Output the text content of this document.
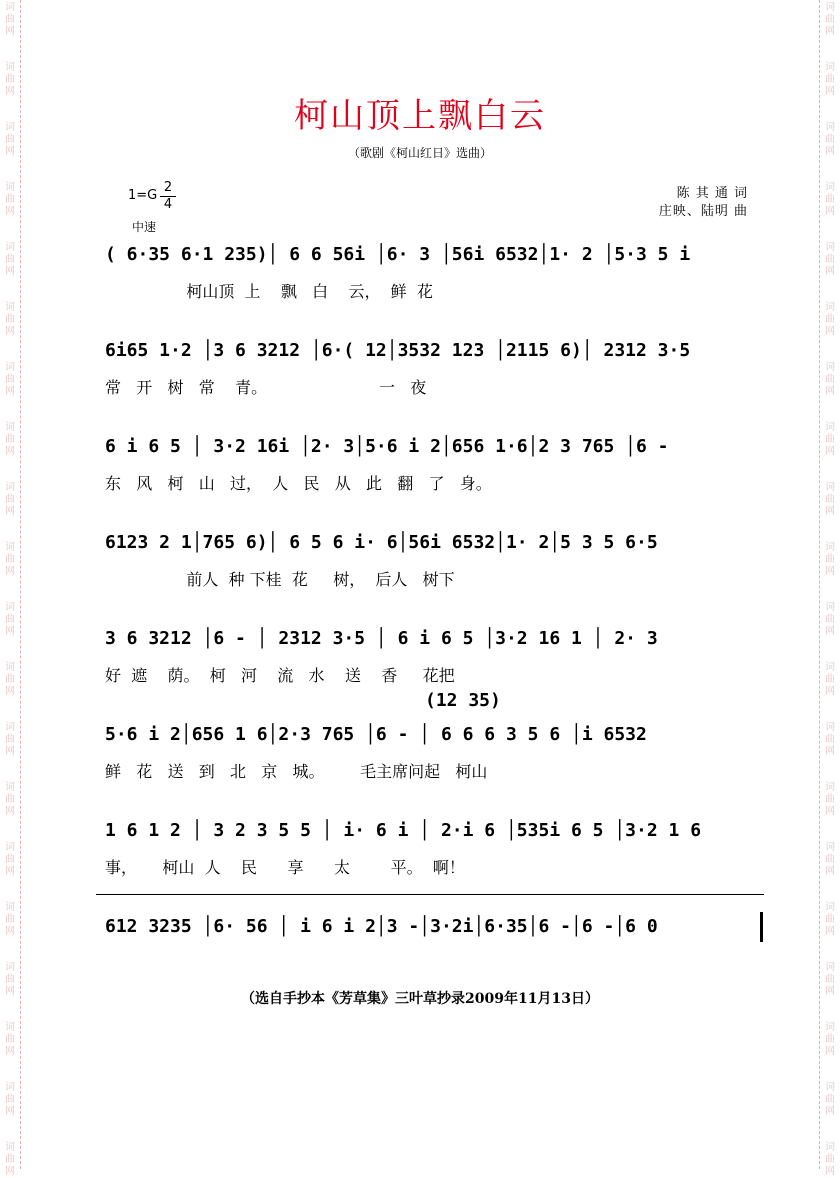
词
曲
网
词
曲
网
词
曲
网
词
曲
网
词
曲
网
词
曲
网
词
曲
网
词
曲
网
词
曲
网
词
曲
网
词
曲
网
词
曲
网
词
曲
网
词
曲
网
词
曲
网
词
曲
网
词
曲
网
词
曲
网
词
曲
网
词
曲
网
词
曲
网
词
曲
网
词
曲
网
词
曲
网
词
曲
网
词
曲
网
词
曲
网
词
曲
网
词
曲
网
词
曲
网
词
曲
网
词
曲
网
词
曲
网
词
曲
网
词
曲
网
词
曲
网
词
曲
网
词
曲
网
词
曲
网
词
曲
网
柯山顶上飘白云
（歌剧《柯山红日》选曲）
1=G
2
4
中速
陈 其 通 词
庄映、陆明 曲
( 6·35 6·1 235)│ 6 6 56i │6· 3 │56i 6532│1· 2 │5·3 5 i
柯山顶  上    飘   白    云，  鲜  花
6i65 1·2 │3 6 3212 │6·( 12│3532 123 │2115 6)│ 2312 3·5
常   开   树   常    青。                      一   夜
6 i 6 5 │ 3·2 16i │2· 3│5·6 i 2│656 1·6│2 3 765 │6 -
东   风   柯   山   过，  人   民   从   此   翻   了   身。
6123 2 1│765 6)│ 6 5 6 i· 6│56i 6532│1· 2│5 3 5 6·5
前人  种 下桂  花     树，  后人   树下
3 6 3212 │6 - │ 2312 3·5 │ 6 i 6 5 │3·2 16 1 │ 2· 3
好  遮    荫。  柯   河    流   水    送    香     花把
(12 35)
5·6 i 2│656 1 6│2·3 765 │6 - │ 6 6 6 3 5 6 │i 6532
鲜   花   送   到   北   京   城。       毛主席问起   柯山
1 6 1 2 │ 3 2 3 5 5 │ i· 6 i │ 2·i 6 │535i 6 5 │3·2 1 6
事，     柯山  人    民      享      太        平。  啊！
612 3235 │6· 56 │ i 6 i 2│3 -│3·2i│6·35│6 -│6 -│6 0
（选自手抄本《芳草集》三叶草抄录2009年11月13日）
